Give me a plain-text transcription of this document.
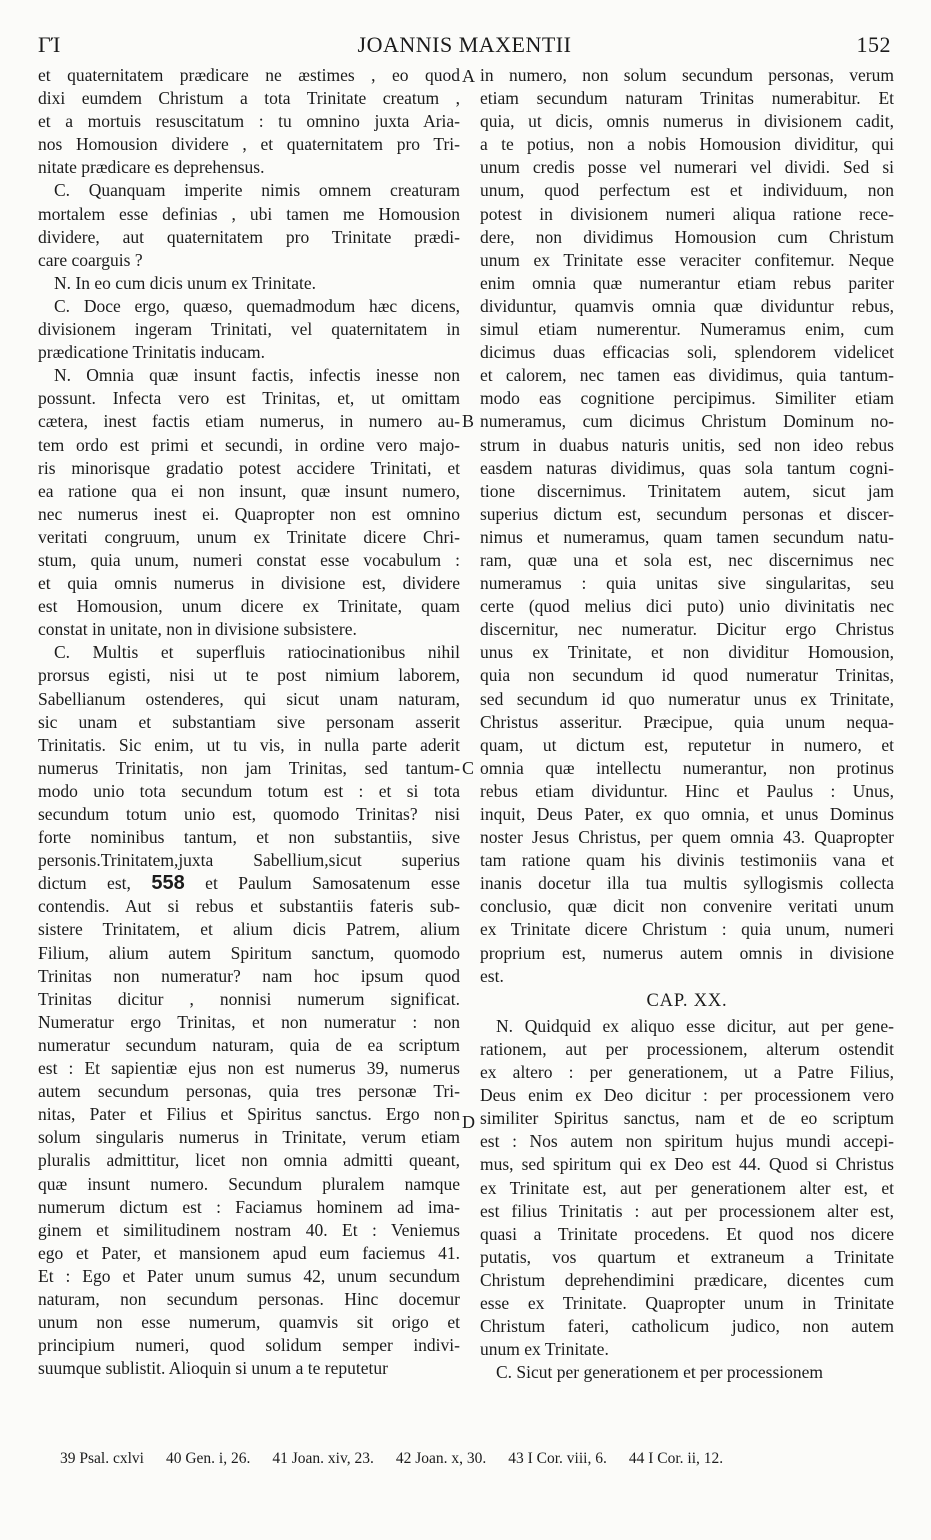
ΓΊ	JOANNIS MAXENTII	152
et quaternitatem prædicare ne æstimes , eo quod
dixi eumdem Christum a tota Trinitate creatum ,
et a mortuis resuscitatum : tu omnino juxta Aria-
nos Homousion dividere , et quaternitatem pro Tri-
nitate prædicare es deprehensus.
C. Quanquam imperite nimis omnem creaturam
mortalem esse definias , ubi tamen me Homousion
dividere, aut quaternitatem pro Trinitate prædi-
care coarguis ?
N. In eo cum dicis unum ex Trinitate.
C. Doce ergo, quæso, quemadmodum hæc dicens,
divisionem ingeram Trinitati, vel quaternitatem in
prædicatione Trinitatis inducam.
N. Omnia quæ insunt factis, infectis inesse non
possunt. Infecta vero est Trinitas, et, ut omittam
cætera, inest factis etiam numerus, in numero au-
tem ordo est primi et secundi, in ordine vero majo-
ris minorisque gradatio potest accidere Trinitati, et
ea ratione qua ei non insunt, quæ insunt numero,
nec numerus inest ei. Quapropter non est omnino
veritati congruum, unum ex Trinitate dicere Chri-
stum, quia unum, numeri constat esse vocabulum :
et quia omnis numerus in divisione est, dividere
est Homousion, unum dicere ex Trinitate, quam
constat in unitate, non in divisione subsistere.
C. Multis et superfluis ratiocinationibus nihil
prorsus egisti, nisi ut te post nimium laborem,
Sabellianum ostenderes, qui sicut unam naturam,
sic unam et substantiam sive personam asserit
Trinitatis. Sic enim, ut tu vis, in nulla parte aderit
numerus Trinitatis, non jam Trinitas, sed tantum-
modo unio tota secundum totum est : et si tota
secundum totum unio est, quomodo Trinitas? nisi
forte nominibus tantum, et non substantiis, sive
personis.Trinitatem,juxta Sabellium,sicut superius
dictum est, 558 et Paulum Samosatenum esse
contendis. Aut si rebus et substantiis fateris sub-
sistere Trinitatem, et alium dicis Patrem, alium
Filium, alium autem Spiritum sanctum, quomodo
Trinitas non numeratur? nam hoc ipsum quod
Trinitas dicitur , nonnisi numerum significat.
Numeratur ergo Trinitas, et non numeratur : non
numeratur secundum naturam, quia de ea scriptum
est : Et sapientiæ ejus non est numerus 39, numerus
autem secundum personas, quia tres personæ Tri-
nitas, Pater et Filius et Spiritus sanctus. Ergo non
solum singularis numerus in Trinitate, verum etiam
pluralis admittitur, licet non omnia admitti queant,
quæ insunt numero. Secundum pluralem namque
numerum dictum est : Faciamus hominem ad ima-
ginem et similitudinem nostram 40. Et : Veniemus
ego et Pater, et mansionem apud eum faciemus 41.
Et : Ego et Pater unum sumus 42, unum secundum
naturam, non secundum personas. Hinc docemur
unum non esse numerum, quamvis sit origo et
principium numeri, quod solidum semper indivi-
suumque sublistit. Alioquin si unum a te reputetur
A
B
C
D
in numero, non solum secundum personas, verum
etiam secundum naturam Trinitas numerabitur. Et
quia, ut dicis, omnis numerus in divisionem cadit,
a te potius, non a nobis Homousion dividitur, qui
unum credis posse vel numerari vel dividi. Sed si
unum, quod perfectum est et individuum, non
potest in divisionem numeri aliqua ratione rece-
dere, non dividimus Homousion cum Christum
unum ex Trinitate esse veraciter confitemur. Neque
enim omnia quæ numerantur etiam rebus pariter
dividuntur, quamvis omnia quæ dividuntur rebus,
simul etiam numerentur. Numeramus enim, cum
dicimus duas efficacias soli, splendorem videlicet
et calorem, nec tamen eas dividimus, quia tantum-
modo eas cognitione percipimus. Similiter etiam
numeramus, cum dicimus Christum Dominum no-
strum in duabus naturis unitis, sed non ideo rebus
easdem naturas dividimus, quas sola tantum cogni-
tione discernimus. Trinitatem autem, sicut jam
superius dictum est, secundum personas et discer-
nimus et numeramus, quam tamen secundum natu-
ram, quæ una et sola est, nec discernimus nec
numeramus : quia unitas sive singularitas, seu
certe (quod melius dici puto) unio divinitatis nec
discernitur, nec numeratur. Dicitur ergo Christus
unus ex Trinitate, et non dividitur Homousion,
quia non secundum id quod numeratur Trinitas,
sed secundum id quo numeratur unus ex Trinitate,
Christus asseritur. Præcipue, quia unum nequa-
quam, ut dictum est, reputetur in numero, et
omnia quæ intellectu numerantur, non protinus
rebus etiam dividuntur. Hinc et Paulus : Unus,
inquit, Deus Pater, ex quo omnia, et unus Dominus
noster Jesus Christus, per quem omnia 43. Quapropter
tam ratione quam his divinis testimoniis vana et
inanis docetur illa tua multis syllogismis collecta
conclusio, quæ dicit non convenire veritati unum
ex Trinitate dicere Christum : quia unum, numeri
proprium est, numerus autem omnis in divisione
est.
CAP. XX.
N. Quidquid ex aliquo esse dicitur, aut per gene-
rationem, aut per processionem, alterum ostendit
ex altero : per generationem, ut a Patre Filius,
Deus enim ex Deo dicitur : per processionem vero
similiter Spiritus sanctus, nam et de eo scriptum
est : Nos autem non spiritum hujus mundi accepi-
mus, sed spiritum qui ex Deo est 44. Quod si Christus
ex Trinitate est, aut per generationem alter est, et
est filius Trinitatis : aut per processionem alter est,
quasi a Trinitate procedens. Et quod nos dicere
putatis, vos quartum et extraneum a Trinitate
Christum deprehendimini prædicare, dicentes cum
esse ex Trinitate. Quapropter unum in Trinitate
Christum fateri, catholicum judico, non autem
unum ex Trinitate.
C. Sicut per generationem et per processionem
39 Psal. cxlvi 40 Gen. i, 26. 41 Joan. xiv, 23. 42 Joan. x, 30. 43 I Cor. viii, 6. 44 I Cor. ii, 12.
